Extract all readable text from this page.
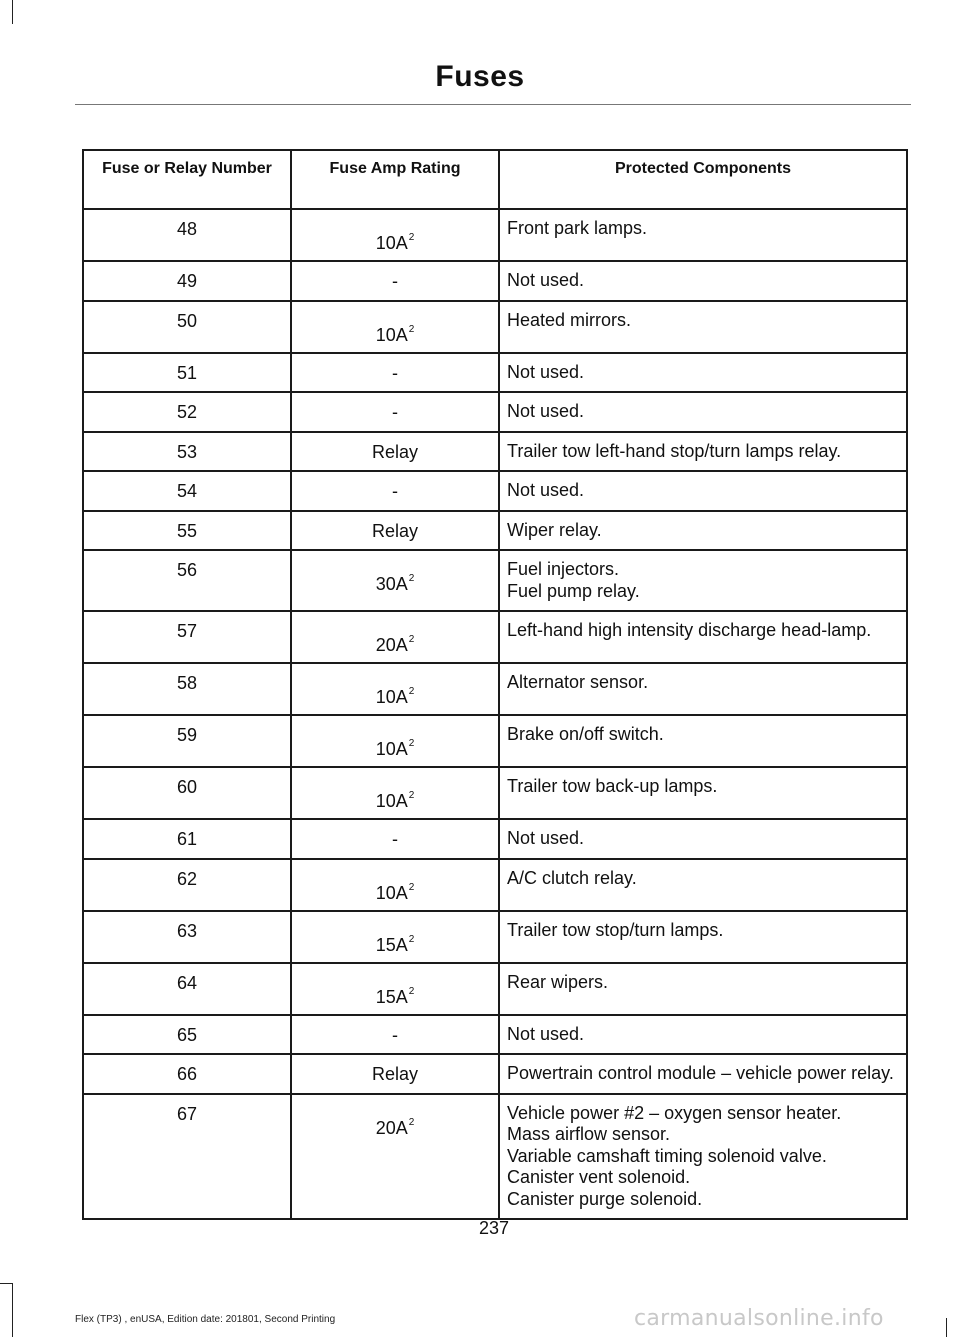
Fuses
Fuse or Relay Number	Fuse Amp Rating	Protected Components
48	$10A^2$	Front park lamps.

49	-	Not used.

50	$10A^2$	Heated mirrors.

51	-	Not used.

52	-	Not used.

53	Relay	Trailer tow left-hand stop/turn lamps relay.

54	-	Not used.

55	Relay	Wiper relay.

56	$30A^2$	Fuel injectors.
Fuel pump relay.

57	$20A^2$	Left-hand high intensity discharge head-lamp.

58	$10A^2$	Alternator sensor.

59	$10A^2$	Brake on/off switch.

60	$10A^2$	Trailer tow back-up lamps.

61	-	Not used.

62	$10A^2$	A/C clutch relay.

63	$15A^2$	Trailer tow stop/turn lamps.

64	$15A^2$	Rear wipers.

65	-	Not used.

66	Relay	Powertrain control module – vehicle power relay.

67	$20A^2$	Vehicle power #2 – oxygen sensor heater.
Mass airflow sensor.
Variable camshaft timing solenoid valve.
Canister vent solenoid.
Canister purge solenoid.
237
Flex (TP3) , enUSA, Edition date: 201801, Second Printing	carmanualsonline.info
